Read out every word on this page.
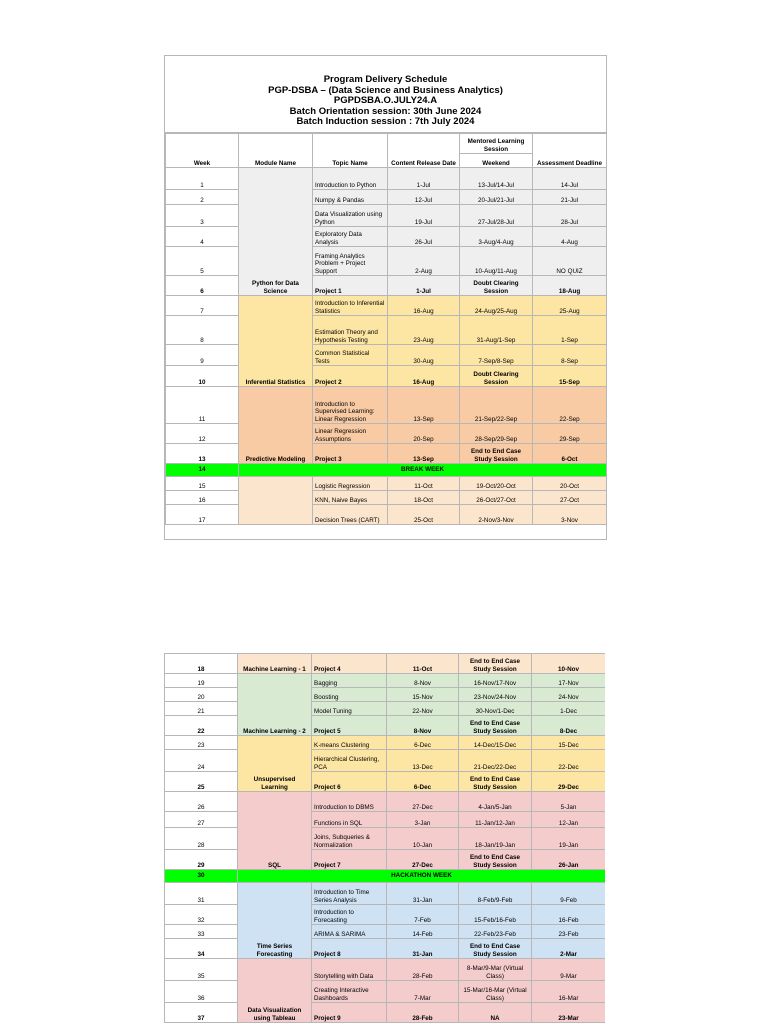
Program Delivery Schedule
PGP-DSBA – (Data Science and Business Analytics)
PGPDSBA.O.JULY24.A
Batch Orientation session: 30th June 2024
Batch Induction session : 7th July 2024
Week	Module Name	Topic Name	Content Release Date	Mentored Learning Session	Assessment Deadline
				Weekend	
1	Python for Data Science	Introduction to Python	1-Jul	13-Jul/14-Jul	14-Jul
2		Numpy & Pandas	12-Jul	20-Jul/21-Jul	21-Jul
3		Data Visualization using Python	19-Jul	27-Jul/28-Jul	28-Jul
4		Exploratory Data Analysis	26-Jul	3-Aug/4-Aug	4-Aug
5		Framing Analytics Problem + Project Support	2-Aug	10-Aug/11-Aug	NO QUIZ
6		Project 1	1-Jul	Doubt Clearing Session	18-Aug
7	Inferential Statistics	Introduction to Inferential Statistics	16-Aug	24-Aug/25-Aug	25-Aug
8		Estimation Theory and Hypothesis Testing	23-Aug	31-Aug/1-Sep	1-Sep
9		Common Statistical Tests	30-Aug	7-Sep/8-Sep	8-Sep
10		Project 2	16-Aug	Doubt Clearing Session	15-Sep
11	Predictive Modeling	Introduction to Supervised Learning: Linear Regression	13-Sep	21-Sep/22-Sep	22-Sep
12		Linear Regression Assumptions	20-Sep	28-Sep/29-Sep	29-Sep
13		Project 3	13-Sep	End to End Case Study Session	6-Oct
14	BREAK WEEK				
15		Logistic Regression	11-Oct	19-Oct/20-Oct	20-Oct
16		KNN, Naive Bayes	18-Oct	26-Oct/27-Oct	27-Oct
17		Decision Trees (CART)	25-Oct	2-Nov/3-Nov	3-Nov
18	Machine Learning - 1	Project 4	11-Oct	End to End Case Study Session	10-Nov
19	Machine Learning - 2	Bagging	8-Nov	16-Nov/17-Nov	17-Nov
20		Boosting	15-Nov	23-Nov/24-Nov	24-Nov
21		Model Tuning	22-Nov	30-Nov/1-Dec	1-Dec
22		Project 5	8-Nov	End to End Case Study Session	8-Dec
23	Unsupervised Learning	K-means Clustering	6-Dec	14-Dec/15-Dec	15-Dec
24		Hierarchical Clustering, PCA	13-Dec	21-Dec/22-Dec	22-Dec
25		Project 6	6-Dec	End to End Case Study Session	29-Dec
26	SQL	Introduction to DBMS	27-Dec	4-Jan/5-Jan	5-Jan
27		Functions in SQL	3-Jan	11-Jan/12-Jan	12-Jan
28		Joins, Subqueries & Normalization	10-Jan	18-Jan/19-Jan	19-Jan
29		Project 7	27-Dec	End to End Case Study Session	26-Jan
30	HACKATHON WEEK				
31	Time Series Forecasting	Introduction to Time Series Analysis	31-Jan	8-Feb/9-Feb	9-Feb
32		Introduction to Forecasting	7-Feb	15-Feb/16-Feb	16-Feb
33		ARIMA & SARIMA	14-Feb	22-Feb/23-Feb	23-Feb
34		Project 8	31-Jan	End to End Case Study Session	2-Mar
35	Data Visualization using Tableau	Storytelling with Data	28-Feb	8-Mar/9-Mar (Virtual Class)	9-Mar
36		Creating Interactive Dashboards	7-Mar	15-Mar/16-Mar (Virtual Class)	16-Mar
37		Project 9	28-Feb	NA	23-Mar
